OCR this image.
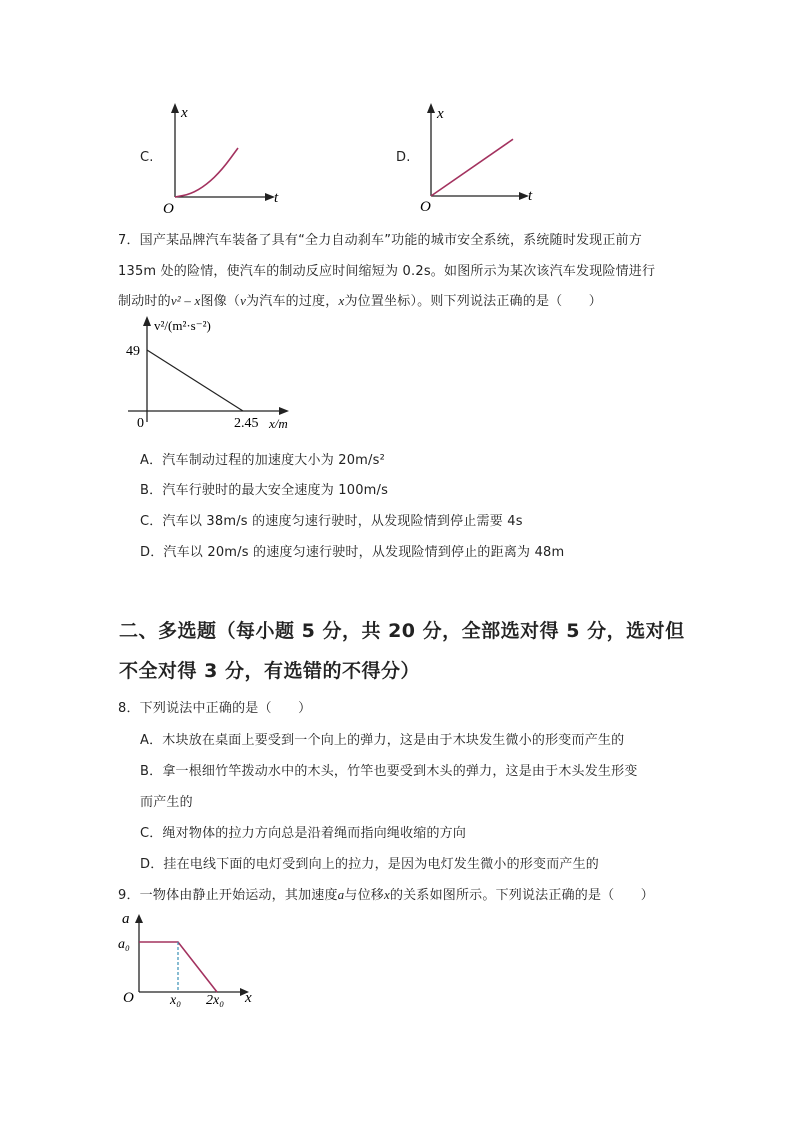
C.
x
t
O
D.
x
t
O
7．国产某品牌汽车装备了具有“全力自动刹车”功能的城市安全系统，系统随时发现正前方
135m 处的险情，使汽车的制动反应时间缩短为 0.2s。如图所示为某次该汽车发现险情进行
制动时的v² – x图像（v为汽车的过度，x为位置坐标）。则下列说法正确的是（　　）
v²/(m²·s⁻²)
49
0	2.45 x/m
A．汽车制动过程的加速度大小为 20m/s²
B．汽车行驶时的最大安全速度为 100m/s
C．汽车以 38m/s 的速度匀速行驶时，从发现险情到停止需要 4s
D．汽车以 20m/s 的速度匀速行驶时，从发现险情到停止的距离为 48m
二、多选题（每小题 5 分，共 20 分，全部选对得 5 分，选对但
不全对得 3 分，有选错的不得分）
8．下列说法中正确的是（　　）
A．木块放在桌面上要受到一个向上的弹力，这是由于木块发生微小的形变而产生的
B．拿一根细竹竿拨动水中的木头，竹竿也要受到木头的弹力，这是由于木头发生形变
而产生的
C．绳对物体的拉力方向总是沿着绳而指向绳收缩的方向
D．挂在电线下面的电灯受到向上的拉力，是因为电灯发生微小的形变而产生的
9．一物体由静止开始运动，其加速度a与位移x的关系如图所示。下列说法正确的是（　　）
a
a₀
O	x₀ 2x₀ x
